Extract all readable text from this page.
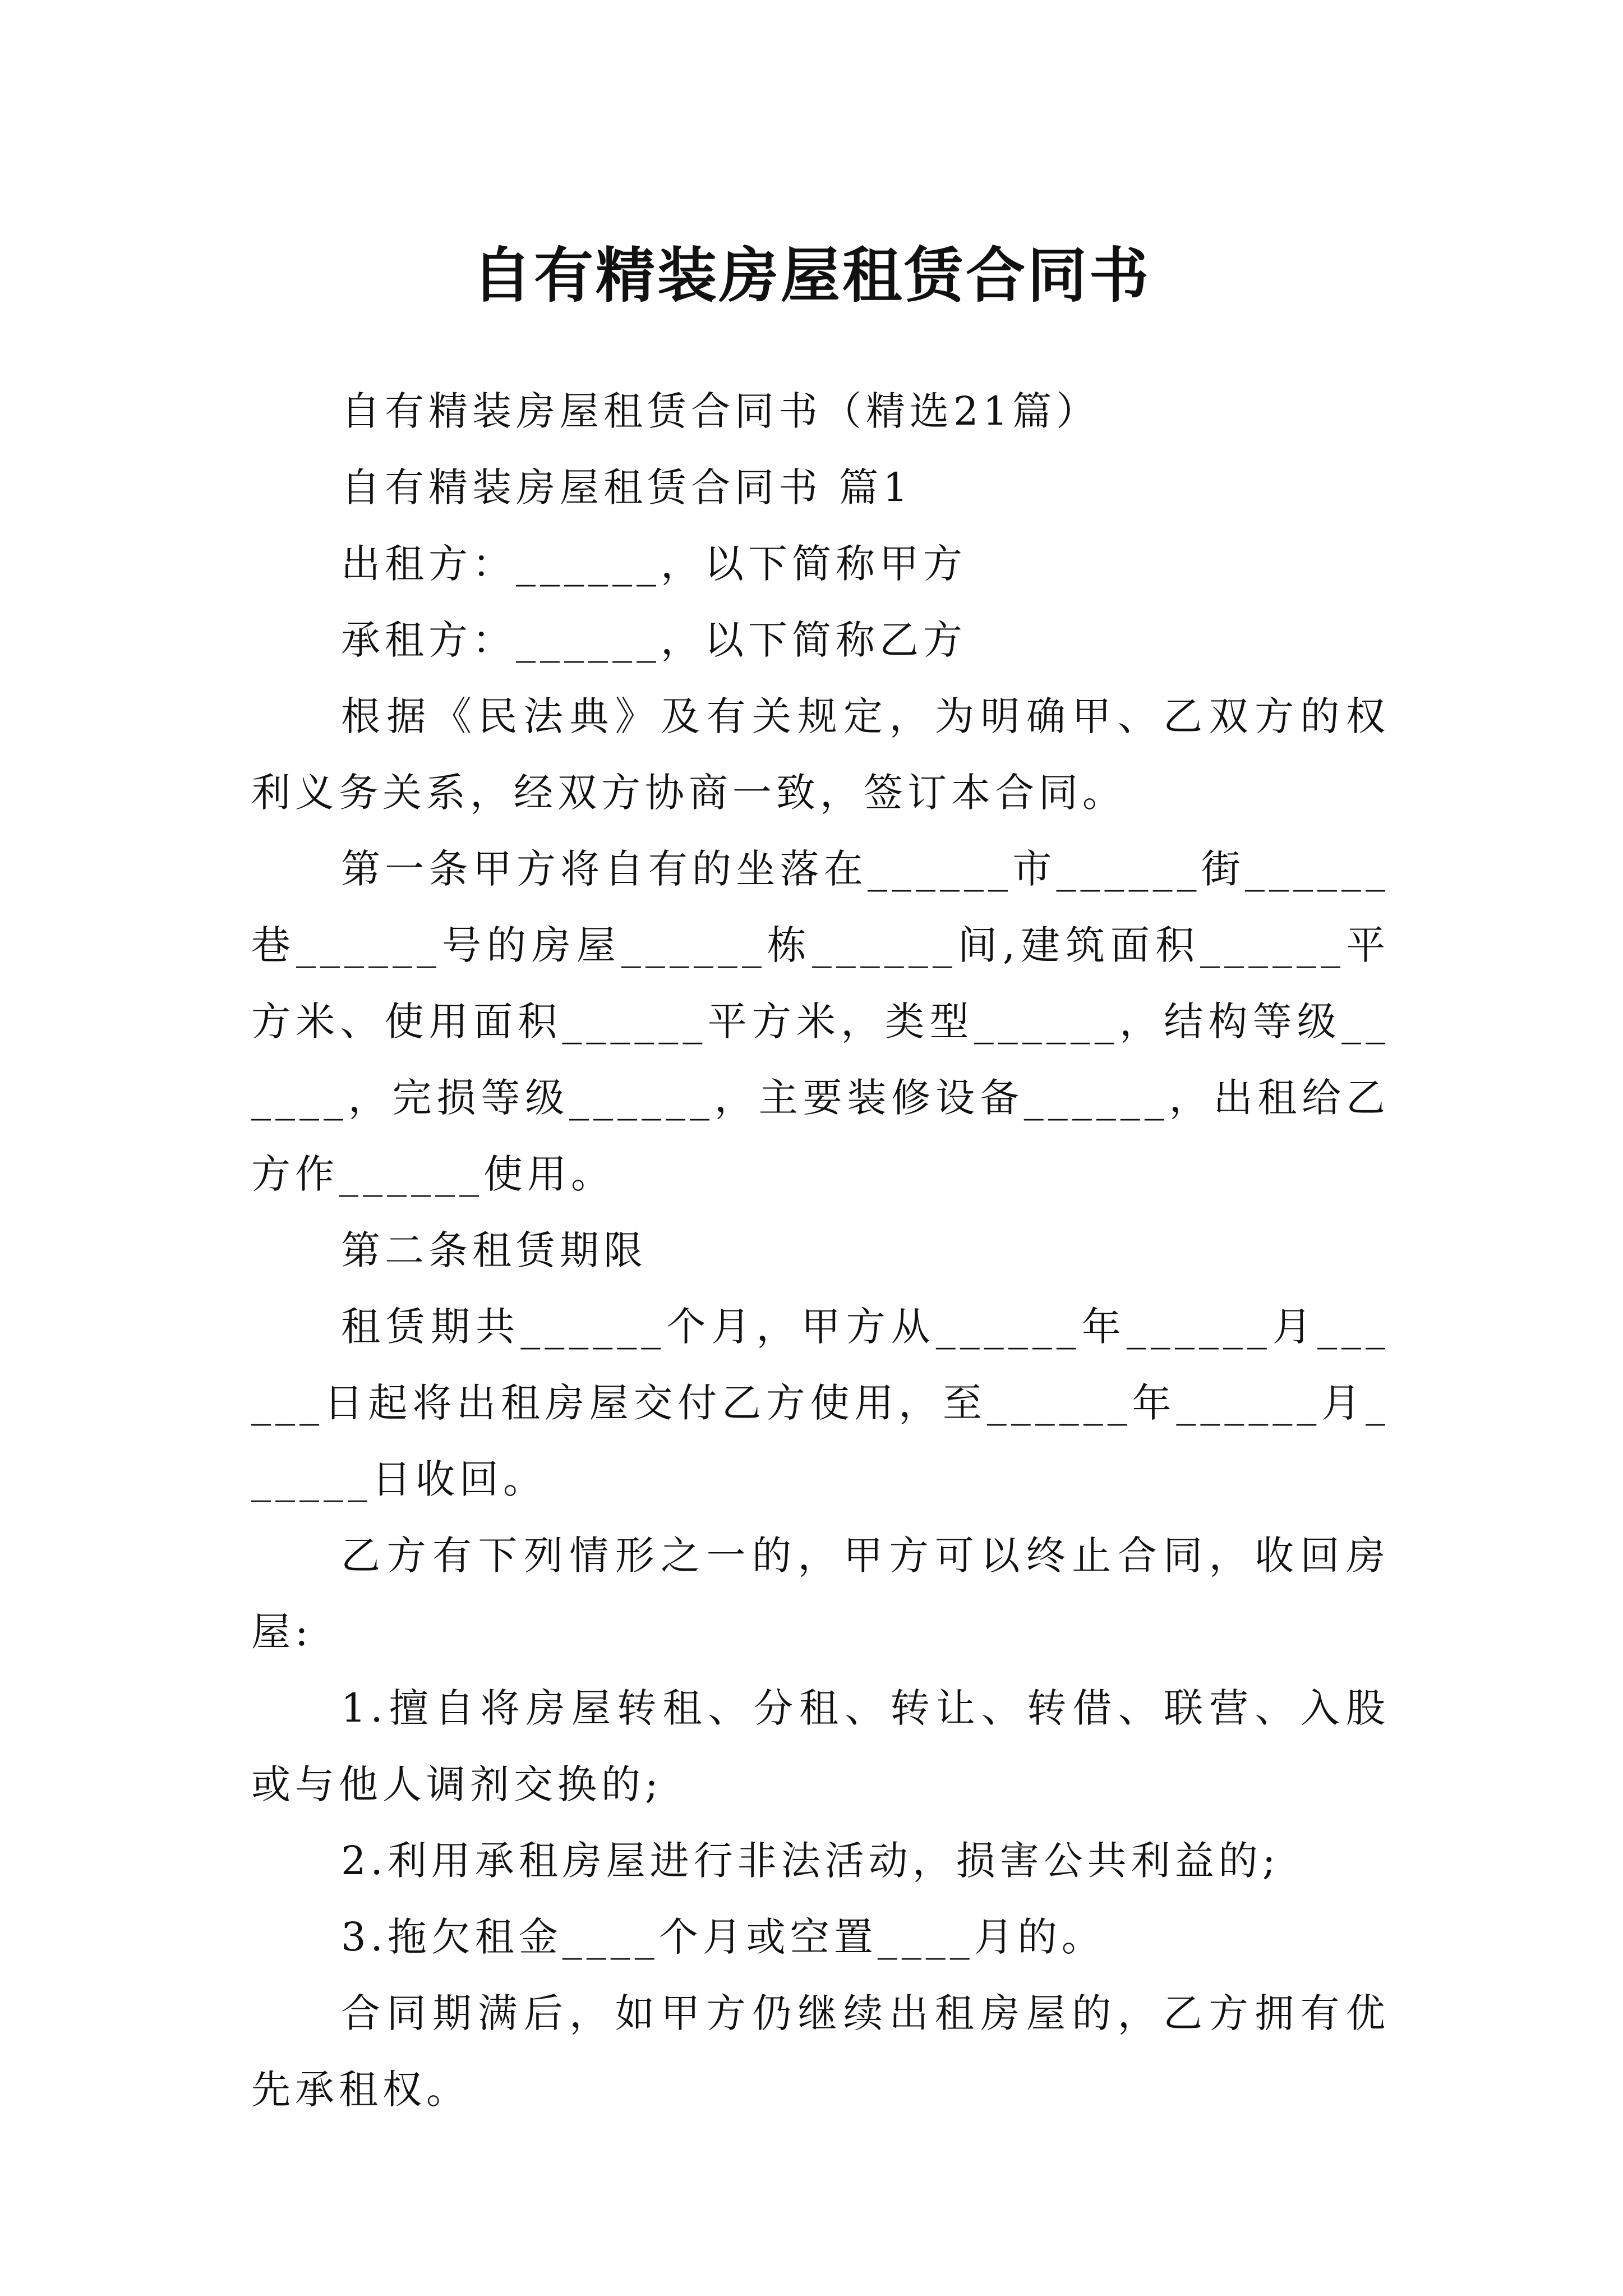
自有精装房屋租赁合同书

自有精装房屋租赁合同书（精选21篇）

自有精装房屋租赁合同书 篇1

出租方：______，以下简称甲方

承租方：______，以下简称乙方

根据《民法典》及有关规定，为明确甲、乙双方的权利义务关系，经双方协商一致，签订本合同。

第一条甲方将自有的坐落在______市______街______巷______号的房屋______栋______间,建筑面积______平方米、使用面积______平方米，类型______，结构等级______，完损等级______，主要装修设备______，出租给乙方作______使用。

第二条租赁期限

租赁期共______个月，甲方从______年______月______日起将出租房屋交付乙方使用，至______年______月______日收回。

乙方有下列情形之一的，甲方可以终止合同，收回房屋:

1.擅自将房屋转租、分租、转让、转借、联营、入股或与他人调剂交换的;

2.利用承租房屋进行非法活动，损害公共利益的;

3.拖欠租金____个月或空置____月的。

合同期满后，如甲方仍继续出租房屋的，乙方拥有优先承租权。
